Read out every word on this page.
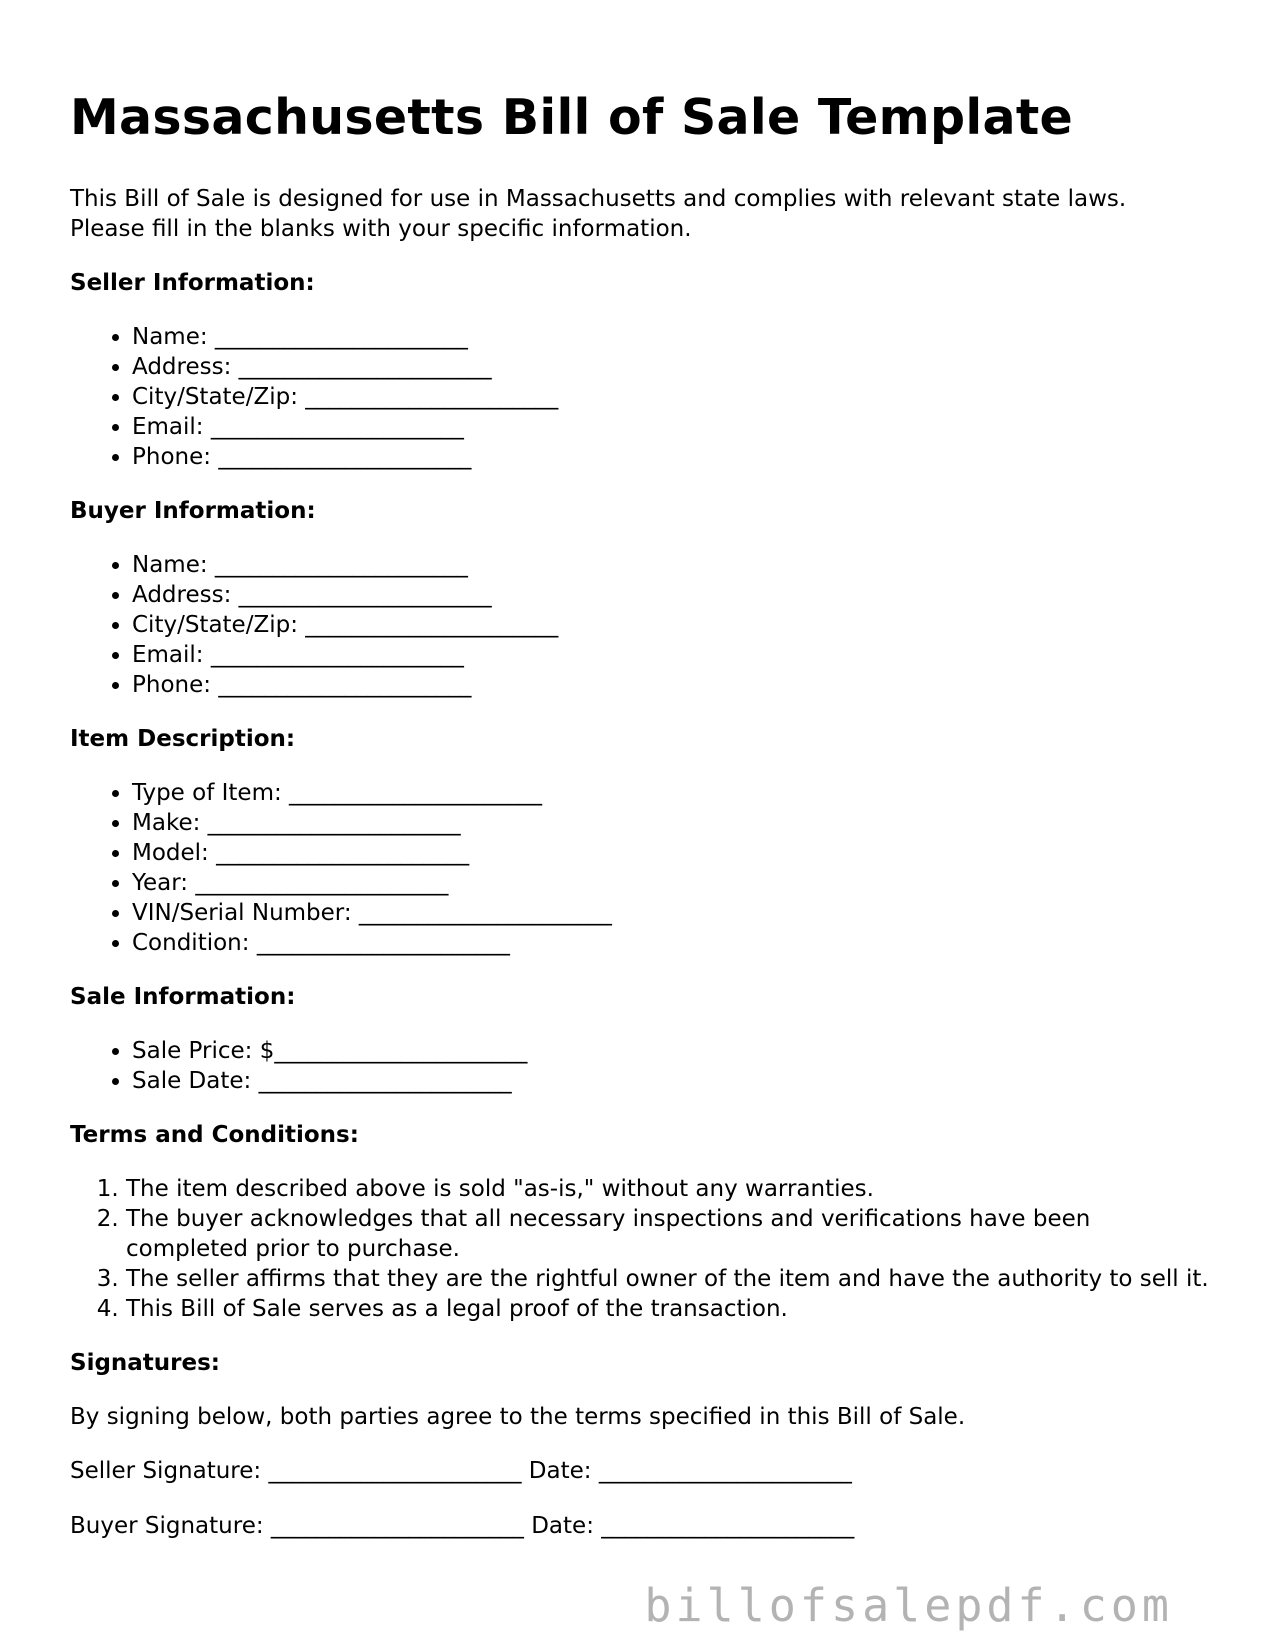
Massachusetts Bill of Sale Template
This Bill of Sale is designed for use in Massachusetts and complies with relevant state laws.
Please fill in the blanks with your specific information.
Seller Information:
• Name: ______________________
• Address: ______________________
• City/State/Zip: ______________________
• Email: ______________________
• Phone: ______________________
Buyer Information:
• Name: ______________________
• Address: ______________________
• City/State/Zip: ______________________
• Email: ______________________
• Phone: ______________________
Item Description:
• Type of Item: ______________________
• Make: ______________________
• Model: ______________________
• Year: ______________________
• VIN/Serial Number: ______________________
• Condition: ______________________
Sale Information:
• Sale Price: $______________________
• Sale Date: ______________________
Terms and Conditions:
1. The item described above is sold "as-is," without any warranties.
2. The buyer acknowledges that all necessary inspections and verifications have been completed prior to purchase.
3. The seller affirms that they are the rightful owner of the item and have the authority to sell it.
4. This Bill of Sale serves as a legal proof of the transaction.
Signatures:

By signing below, both parties agree to the terms specified in this Bill of Sale.

Seller Signature: ______________________ Date: ______________________
Buyer Signature: ______________________ Date: ______________________
billofsalepdf.com
